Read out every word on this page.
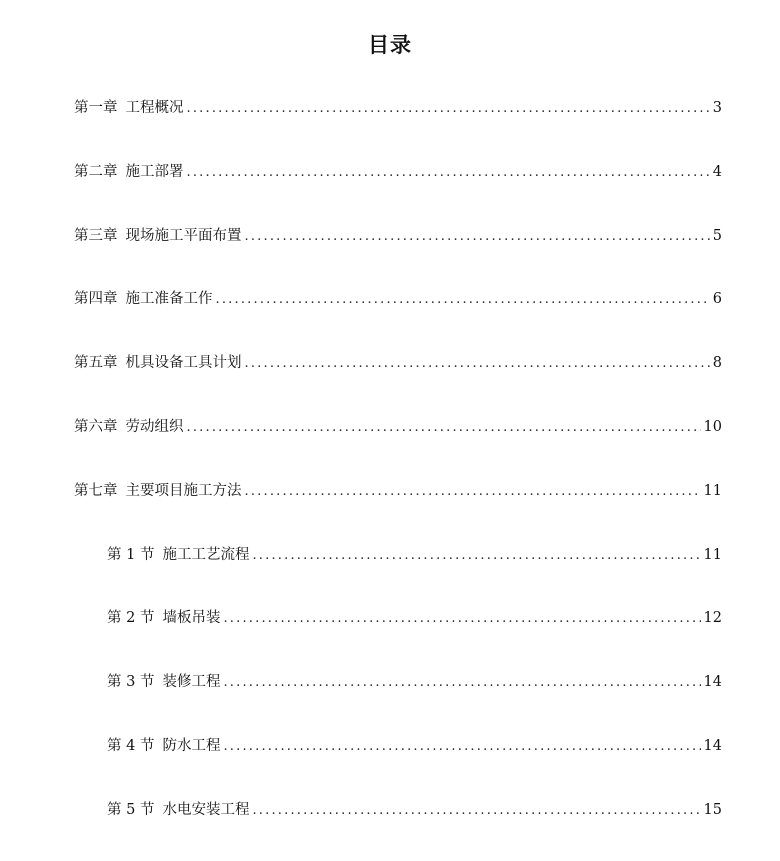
目录
第一章 工程概况 .....	3
第二章 施工部署 .....	4
第三章 现场施工平面布置 .....	5
第四章 施工准备工作 .....	6
第五章 机具设备工具计划 .....	8
第六章 劳动组织 .....	10
第七章 主要项目施工方法 .....	11
第 1 节 施工工艺流程 .....	11
第 2 节 墙板吊装 .....	12
第 3 节 装修工程 .....	14
第 4 节 防水工程 .....	14
第 5 节 水电安装工程 .....	15
